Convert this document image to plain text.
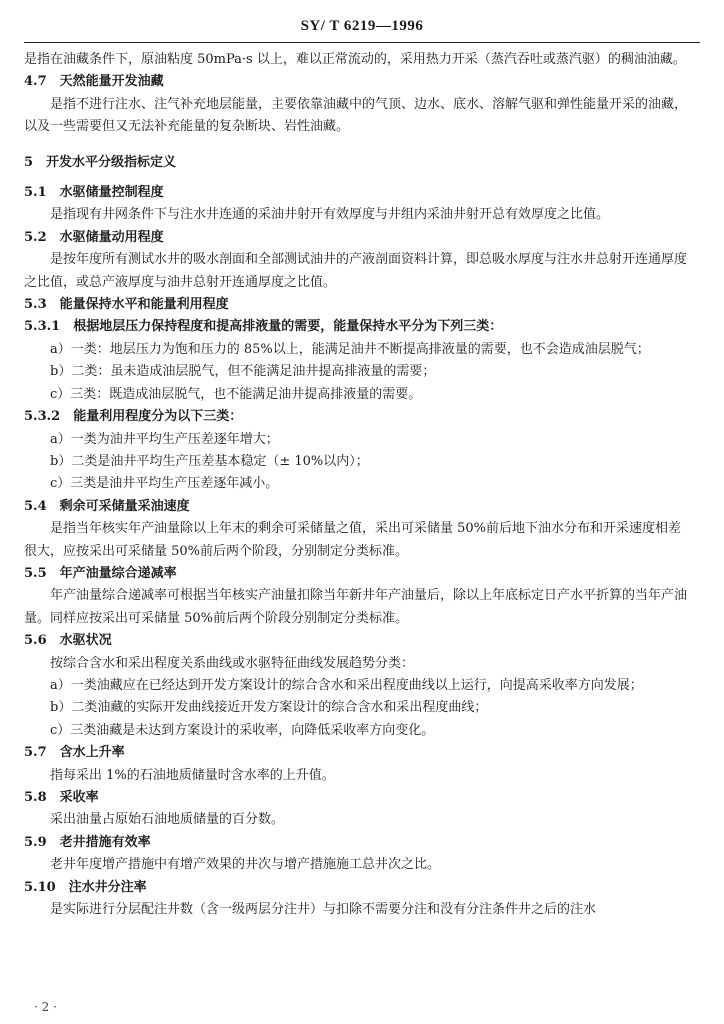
SY/ T 6219—1996

是指在油藏条件下，原油粘度 50mPa·s 以上，难以正常流动的，采用热力开采（蒸汽吞吐或蒸汽驱）的稠油油藏。

4.7　天然能量开发油藏

是指不进行注水、注气补充地层能量，主要依靠油藏中的气顶、边水、底水、溶解气驱和弹性能量开采的油藏，以及一些需要但又无法补充能量的复杂断块、岩性油藏。

5　开发水平分级指标定义
5.1　水驱储量控制程度

是指现有井网条件下与注水井连通的采油井射开有效厚度与井组内采油井射开总有效厚度之比值。

5.2　水驱储量动用程度

是按年度所有测试水井的吸水剖面和全部测试油井的产液剖面资料计算，即总吸水厚度与注水井总射开连通厚度之比值，或总产液厚度与油井总射开连通厚度之比值。

5.3　能量保持水平和能量利用程度
5.3.1　根据地层压力保持程度和提高排液量的需要，能量保持水平分为下列三类：

a）一类：地层压力为饱和压力的 85%以上，能满足油井不断提高排液量的需要，也不会造成油层脱气；

b）二类：虽未造成油层脱气，但不能满足油井提高排液量的需要；

c）三类：既造成油层脱气，也不能满足油井提高排液量的需要。

5.3.2　能量利用程度分为以下三类：

a）一类为油井平均生产压差逐年增大；

b）二类是油井平均生产压差基本稳定（± 10%以内）；

c）三类是油井平均生产压差逐年减小。

5.4　剩余可采储量采油速度

是指当年核实年产油量除以上年末的剩余可采储量之值，采出可采储量 50%前后地下油水分布和开采速度相差很大，应按采出可采储量 50%前后两个阶段，分别制定分类标准。

5.5　年产油量综合递减率

年产油量综合递减率可根据当年核实产油量扣除当年新井年产油量后，除以上年底标定日产水平折算的当年产油量。同样应按采出可采储量 50%前后两个阶段分别制定分类标准。

5.6　水驱状况

按综合含水和采出程度关系曲线或水驱特征曲线发展趋势分类：

a）一类油藏应在已经达到开发方案设计的综合含水和采出程度曲线以上运行，向提高采收率方向发展；

b）二类油藏的实际开发曲线接近开发方案设计的综合含水和采出程度曲线；

c）三类油藏是未达到方案设计的采收率，向降低采收率方向变化。

5.7　含水上升率

指每采出 1%的石油地质储量时含水率的上升值。

5.8　采收率

采出油量占原始石油地质储量的百分数。

5.9　老井措施有效率

老井年度增产措施中有增产效果的井次与增产措施施工总井次之比。

5.10　注水井分注率

是实际进行分层配注井数（含一级两层分注井）与扣除不需要分注和没有分注条件井之后的注水

· 2 ·
